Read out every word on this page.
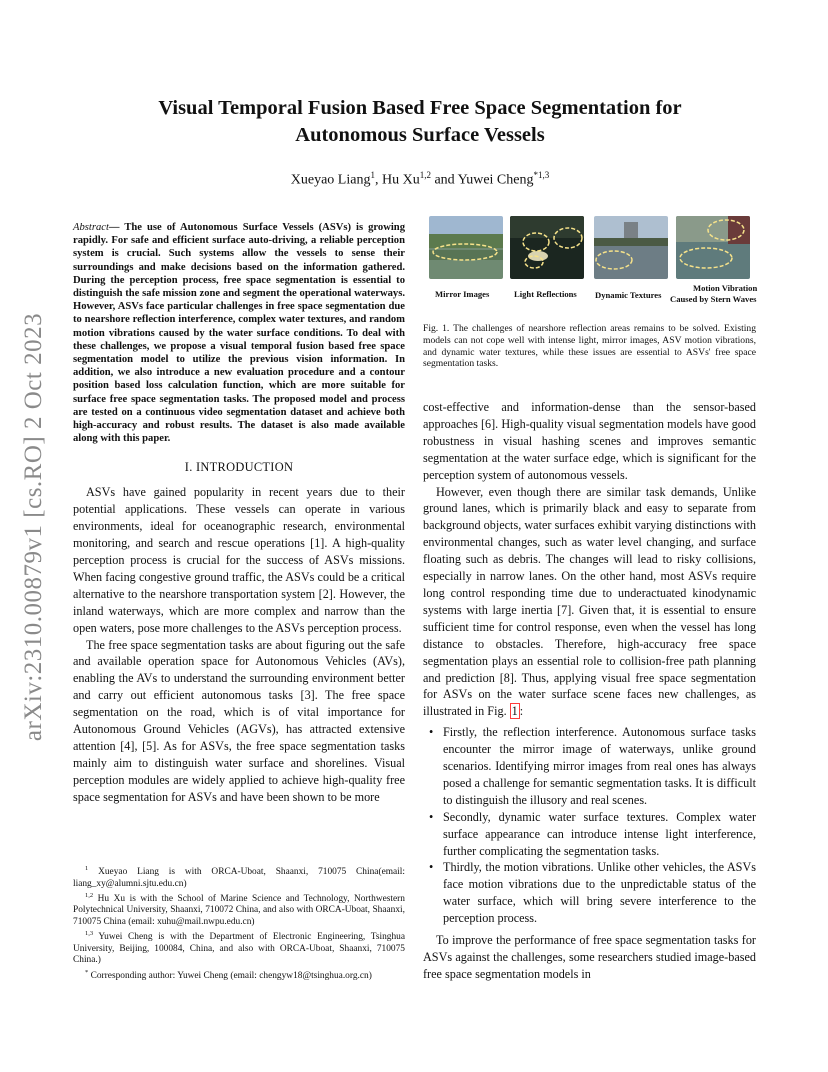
arXiv:2310.00879v1 [cs.RO] 2 Oct 2023
Visual Temporal Fusion Based Free Space Segmentation for
Autonomous Surface Vessels
Xueyao Liang$^1$, Hu Xu$^{1,2}$ and Yuwei Cheng$^{*1,3}$

Abstract— The use of Autonomous Surface Vessels (ASVs) is growing rapidly. For safe and efficient surface auto-driving, a reliable perception system is crucial. Such systems allow the vessels to sense their surroundings and make decisions based on the information gathered. During the perception process, free space segmentation is essential to distinguish the safe mission zone and segment the operational waterways. However, ASVs face particular challenges in free space segmentation due to nearshore reflection interference, complex water textures, and random motion vibrations caused by the water surface conditions. To deal with these challenges, we propose a visual temporal fusion based free space segmentation model to utilize the previous vision information. In addition, we also introduce a new evaluation procedure and a contour position based loss calculation function, which are more suitable for surface free space segmentation tasks. The proposed model and process are tested on a continuous video segmentation dataset and achieve both high-accuracy and robust results. The dataset is also made available along with this paper.

I. INTRODUCTION

ASVs have gained popularity in recent years due to their potential applications. These vessels can operate in various environments, ideal for oceanographic research, environmental monitoring, and search and rescue operations [1]. A high-quality perception process is crucial for the success of ASVs missions. When facing congestive ground traffic, the ASVs could be a critical alternative to the nearshore transportation system [2]. However, the inland waterways, which are more complex and narrow than the open waters, pose more challenges to the ASVs perception process.

The free space segmentation tasks are about figuring out the safe and available operation space for Autonomous Vehicles (AVs), enabling the AVs to understand the surrounding environment better and carry out efficient autonomous tasks [3]. The free space segmentation on the road, which is of vital importance for Autonomous Ground Vehicles (AGVs), has attracted extensive attention [4], [5]. As for ASVs, the free space segmentation tasks mainly aim to distinguish water surface and shorelines. Visual perception modules are widely applied to achieve high-quality free space segmentation for ASVs and have been shown to be more

$^1$ Xueyao Liang is with ORCA-Uboat, Shaanxi, 710075 China(email: liang_xy@alumni.sjtu.edu.cn)

$^{1,2}$ Hu Xu is with the School of Marine Science and Technology, Northwestern Polytechnical University, Shaanxi, 710072 China, and also with ORCA-Uboat, Shaanxi, 710075 China (email: xuhu@mail.nwpu.edu.cn)

$^{1,3}$ Yuwei Cheng is with the Department of Electronic Engineering, Tsinghua University, Beijing, 100084, China, and also with ORCA-Uboat, Shaanxi, 710075 China.)

* Corresponding author: Yuwei Cheng (email: chengyw18@tsinghua.org.cn)

Mirror Images	Light Reflections Dynamic Textures
Motion Vibration
Caused by Stern Waves
Fig. 1. The challenges of nearshore reflection areas remains to be solved. Existing models can not cope well with intense light, mirror images, ASV motion vibrations, and dynamic water textures, while these issues are essential to ASVs' free space segmentation tasks.

cost-effective and information-dense than the sensor-based approaches [6]. High-quality visual segmentation models have good robustness in visual hashing scenes and improves semantic segmentation at the water surface edge, which is significant for the perception system of autonomous vessels.

However, even though there are similar task demands, Unlike ground lanes, which is primarily black and easy to separate from background objects, water surfaces exhibit varying distinctions with environmental changes, such as water level changing, and surface floating such as debris. The changes will lead to risky collisions, especially in narrow lanes. On the other hand, most ASVs require long control responding time due to underactuated kinodynamic systems with large inertia [7]. Given that, it is essential to ensure sufficient time for control response, even when the vessel has long distance to obstacles. Therefore, high-accuracy free space segmentation plays an essential role to collision-free path planning and prediction [8]. Thus, applying visual free space segmentation for ASVs on the water surface scene faces new challenges, as illustrated in Fig. 1 :

• Firstly, the reflection interference. Autonomous surface tasks encounter the mirror image of waterways, unlike ground scenarios. Identifying mirror images from real ones has always posed a challenge for semantic segmentation tasks. It is difficult to distinguish the illusory and real scenes.
• Secondly, dynamic water surface textures. Complex water surface appearance can introduce intense light interference, further complicating the segmentation tasks.
• Thirdly, the motion vibrations. Unlike other vehicles, the ASVs face motion vibrations due to the unpredictable status of the water surface, which will bring severe interference to the perception process.

To improve the performance of free space segmentation tasks for ASVs against the challenges, some researchers studied image-based free space segmentation models in
